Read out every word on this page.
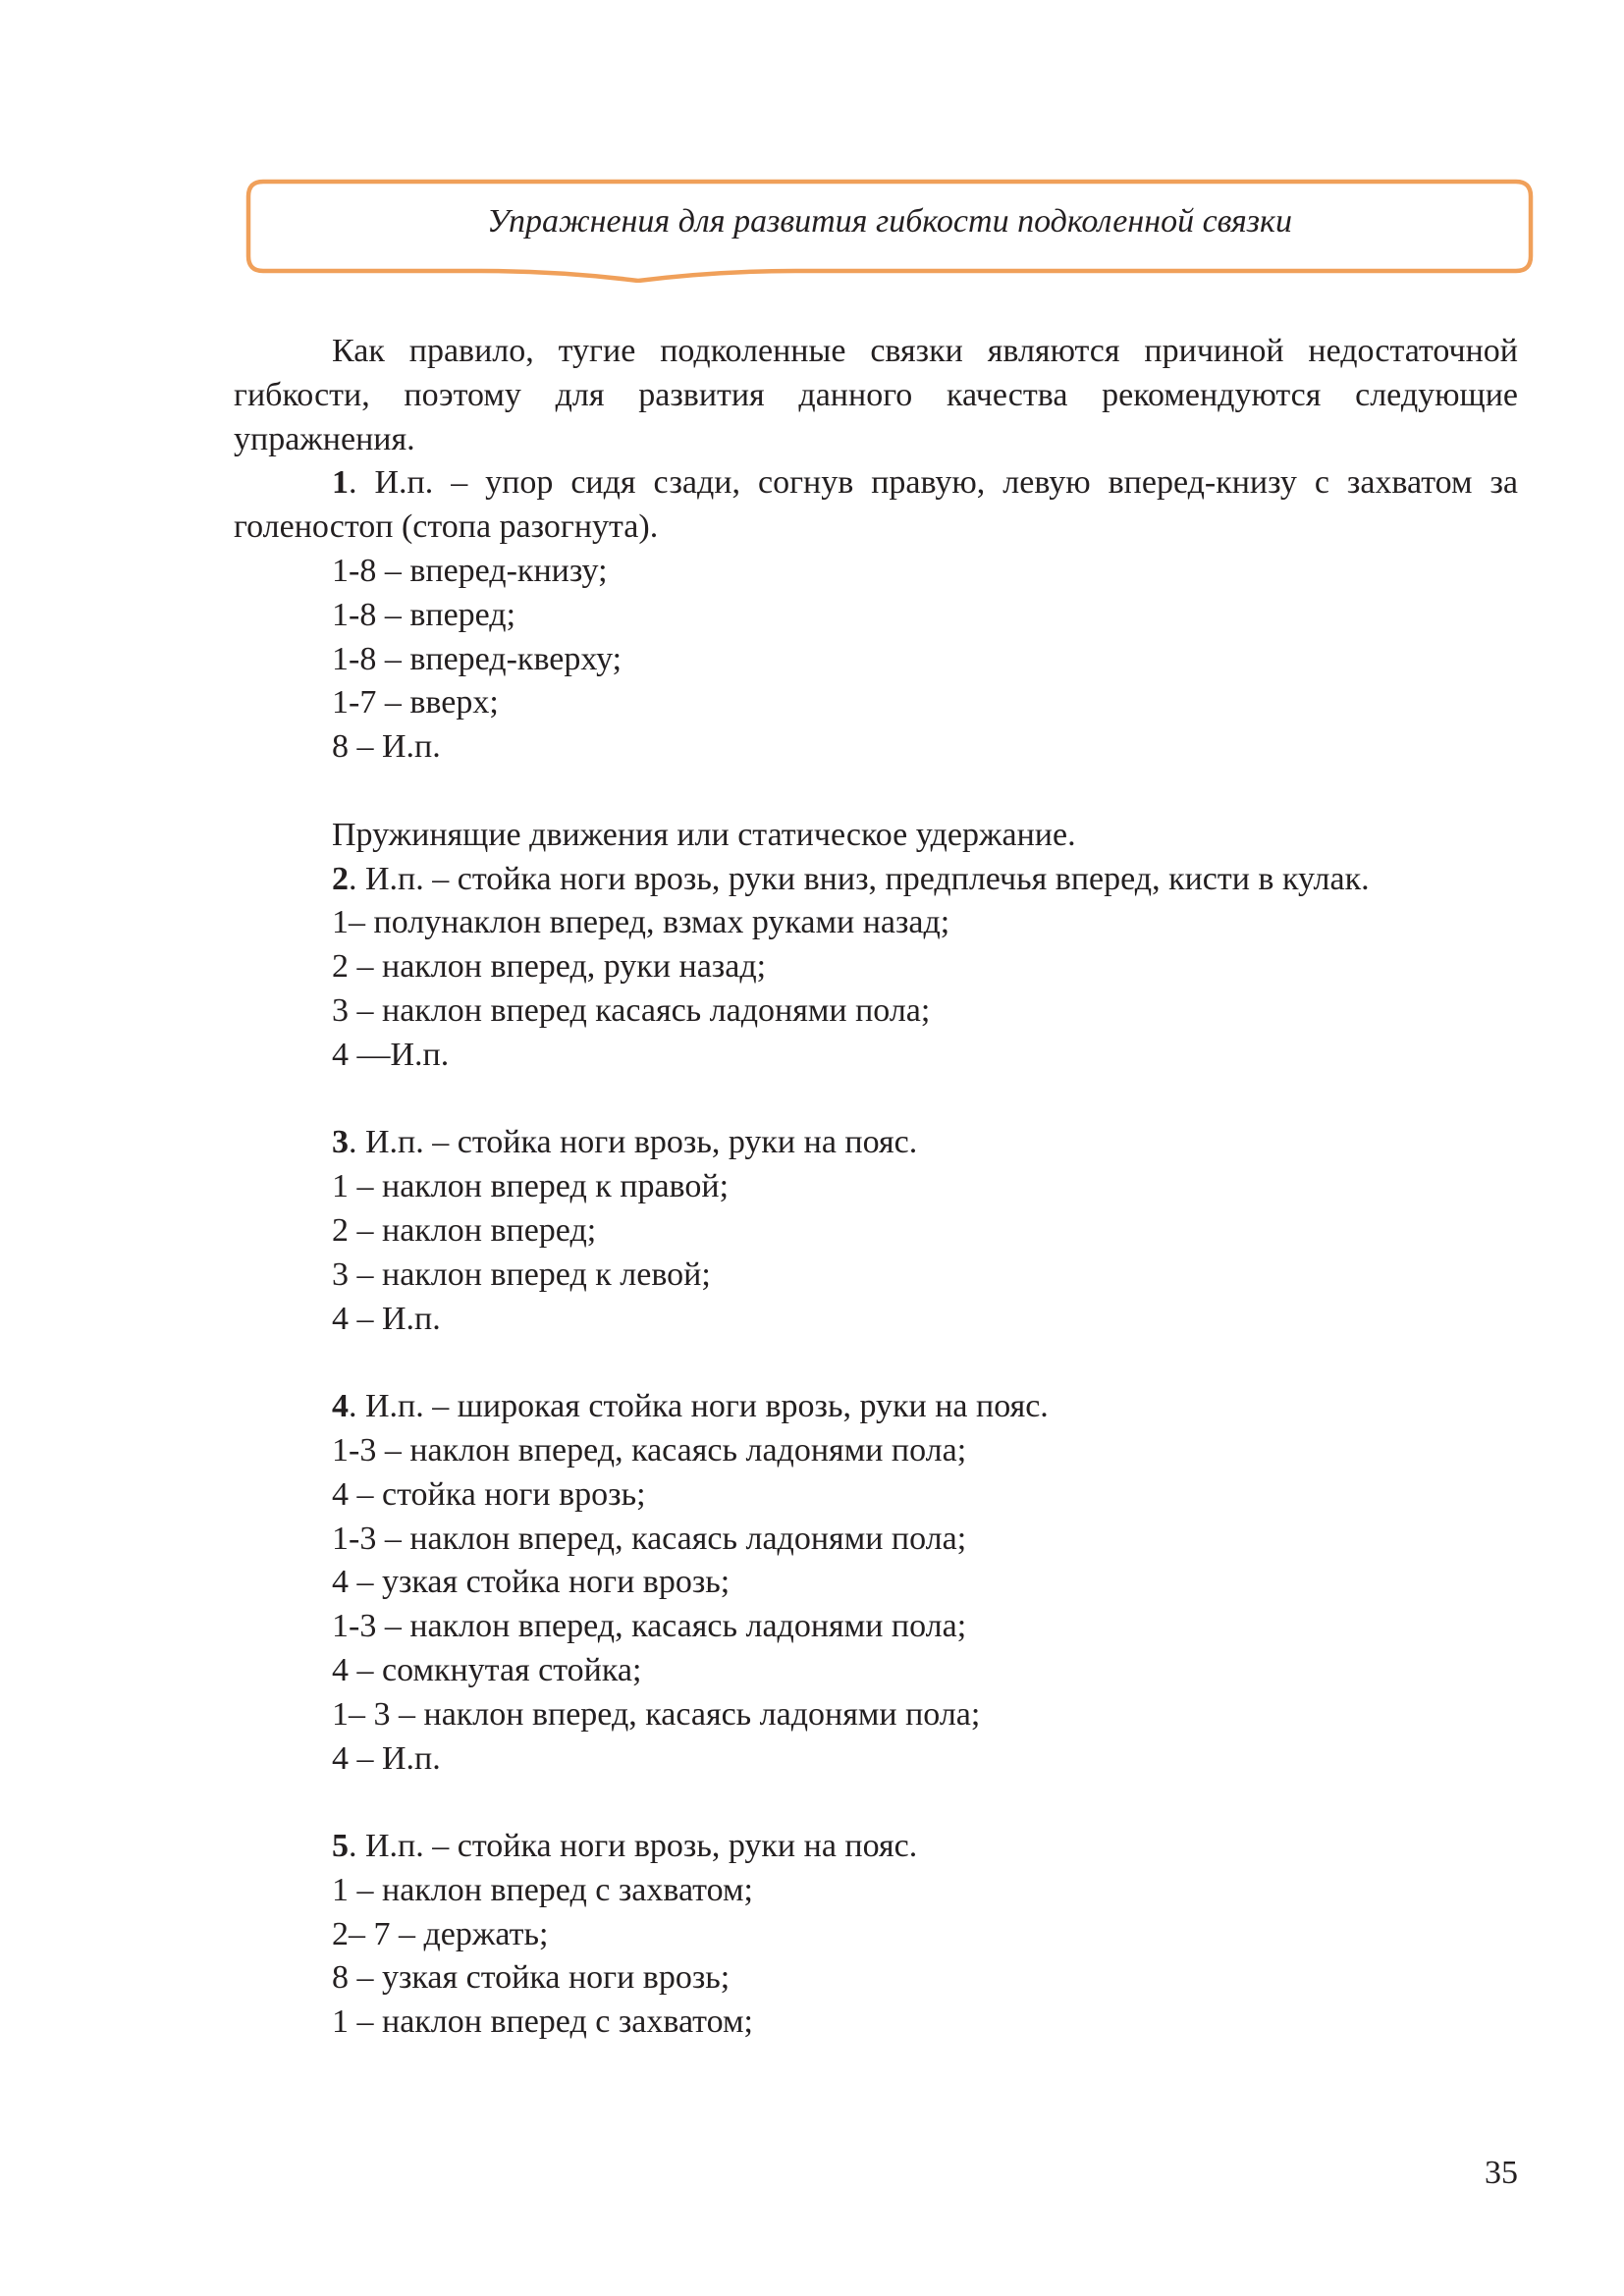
Упражнения для развития гибкости подколенной связки

Как правило, тугие подколенные связки являются причиной недостаточной гибкости, поэтому для развития данного качества рекомендуются следующие упражнения.

1. И.п. – упор сидя сзади, согнув правую, левую вперед-книзу с захватом за голеностоп (стопа разогнута).

1-8 – вперед-книзу;

1-8 – вперед;

1-8 – вперед-кверху;

1-7 – вверх;

8 – И.п.

Пружинящие движения или статическое удержание.

2. И.п. – стойка ноги врозь, руки вниз, предплечья вперед, кисти в кулак.

1– полунаклон вперед, взмах руками назад;

2 – наклон вперед, руки назад;

3 – наклон вперед касаясь ладонями пола;

4 —И.п.

3. И.п. – стойка ноги врозь, руки на пояс.

1 – наклон вперед к правой;

2 – наклон вперед;

3 – наклон вперед к левой;

4 – И.п.

4. И.п. – широкая стойка ноги врозь, руки на пояс.

1-3 – наклон вперед, касаясь ладонями пола;

4 – стойка ноги врозь;

1-3 – наклон вперед, касаясь ладонями пола;

4 – узкая стойка ноги врозь;

1-3 – наклон вперед, касаясь ладонями пола;

4 – сомкнутая стойка;

1– 3 – наклон вперед, касаясь ладонями пола;

4 – И.п.

5. И.п. – стойка ноги врозь, руки на пояс.

1 – наклон вперед с захватом;

2– 7 – держать;

8 – узкая стойка ноги врозь;

1 – наклон вперед с захватом;

35
